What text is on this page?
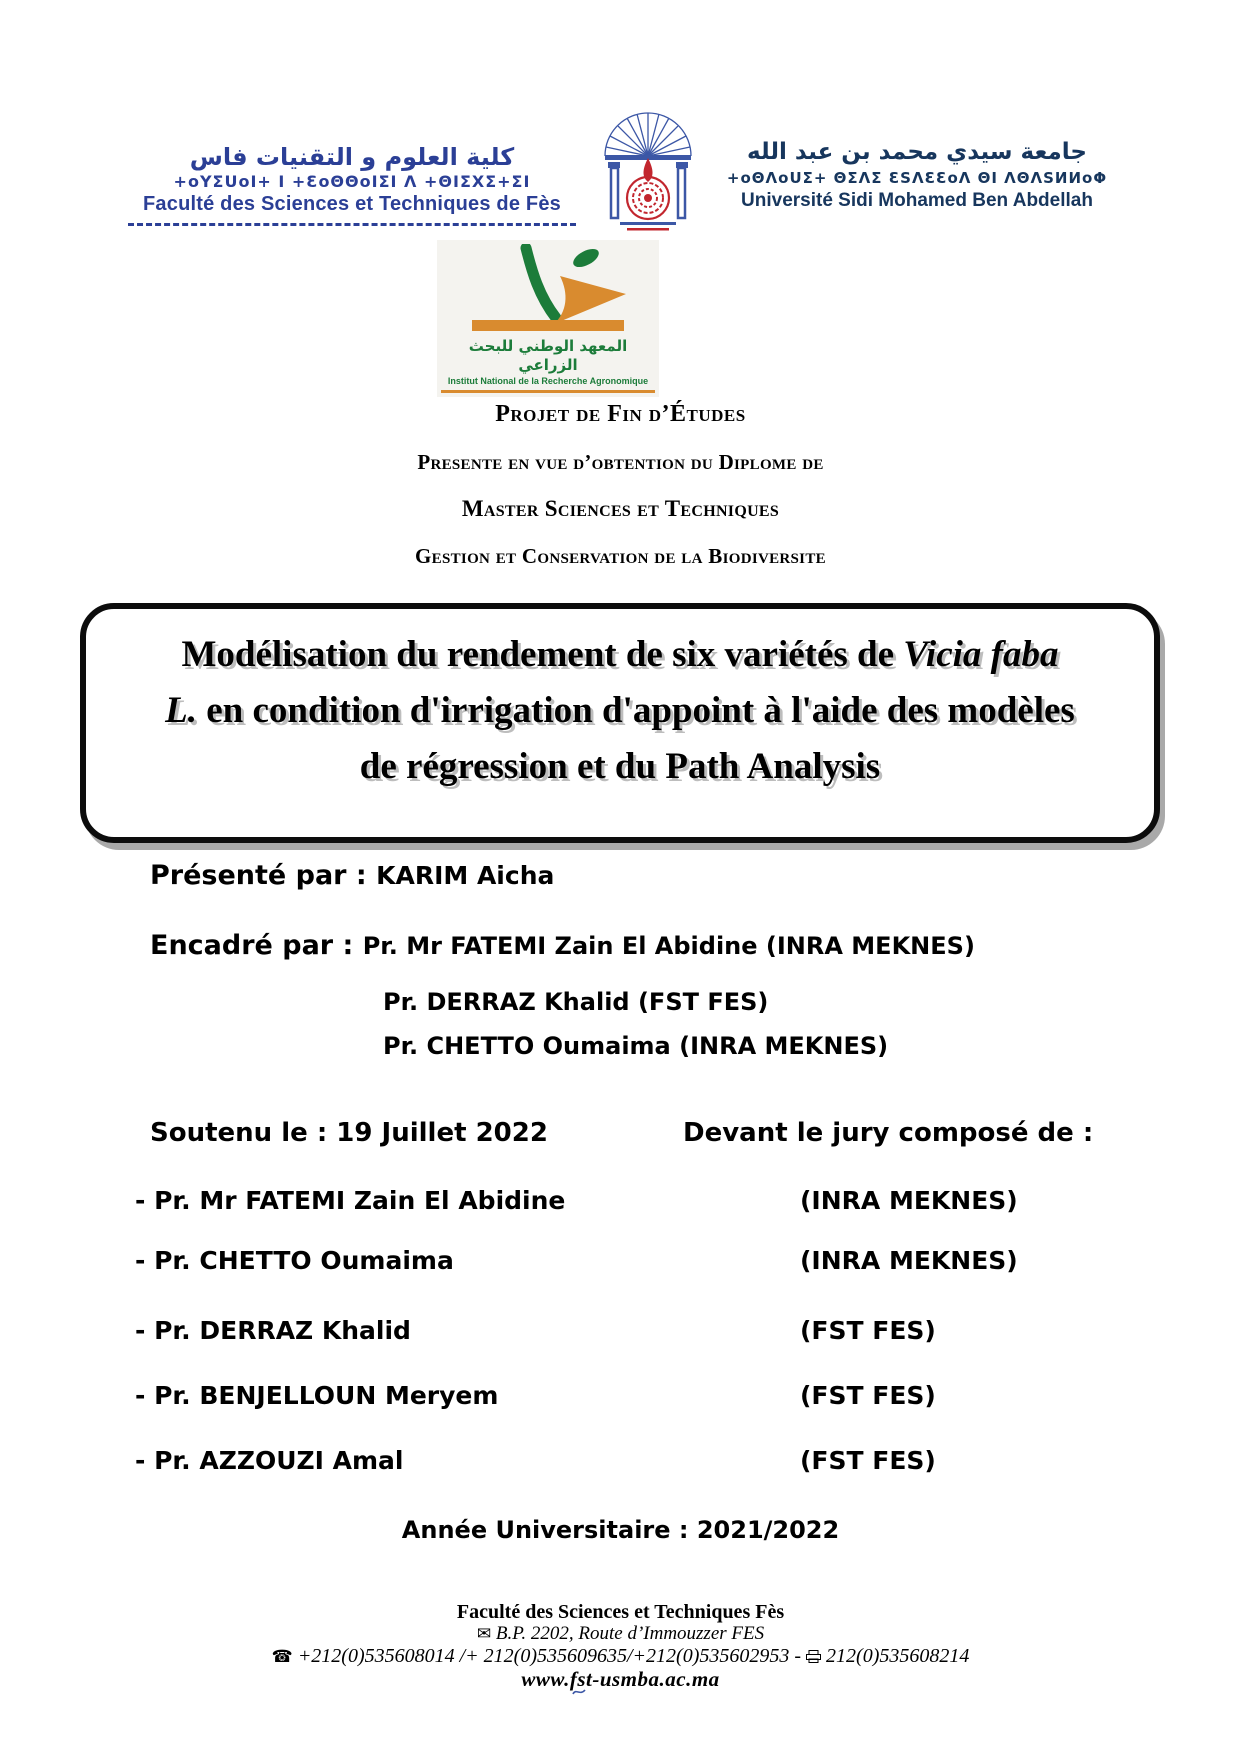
كلية العلوم و التقنيات فاس
+oYΣUoI+ I +ƐoΘΘoIΣI Λ +ΘIΣXΣ+ΣI
Faculté des Sciences et Techniques de Fès
جامعة سيدي محمد بن عبد الله
+oΘΛoUΣ+ ΘΣΛΣ ƐSΛƐƐoΛ ΘI ΛΘΛSИИoΦ
Université Sidi Mohamed Ben Abdellah
المعهد الوطني للبحث الزراعي
Institut National de la Recherche Agronomique
Projet de Fin d’Études
Presente en vue d’obtention du Diplome de
Master Sciences et Techniques
Gestion et Conservation de la Biodiversite
Modélisation du rendement de six variétés de Vicia faba
L. en condition d'irrigation d'appoint à l'aide des modèles
de régression et du Path Analysis
Présenté par : KARIM Aicha
Encadré par : Pr. Mr FATEMI Zain El Abidine (INRA MEKNES)
Pr. DERRAZ Khalid (FST FES)
Pr. CHETTO Oumaima (INRA MEKNES)
Soutenu le : 19 Juillet 2022	Devant le jury composé de :
- Pr. Mr FATEMI Zain El Abidine	(INRA MEKNES)
- Pr. CHETTO Oumaima	(INRA MEKNES)
- Pr. DERRAZ Khalid	(FST FES)
- Pr. BENJELLOUN Meryem	(FST FES)
- Pr. AZZOUZI Amal	(FST FES)
Année Universitaire : 2021/2022
Faculté des Sciences et Techniques Fès
✉ B.P. 2202, Route d’Immouzzer FES
☎ +212(0)535608014 /+ 212(0)535609635/+212(0)535602953 - 212(0)535608214
www.fst-usmba.ac.ma
